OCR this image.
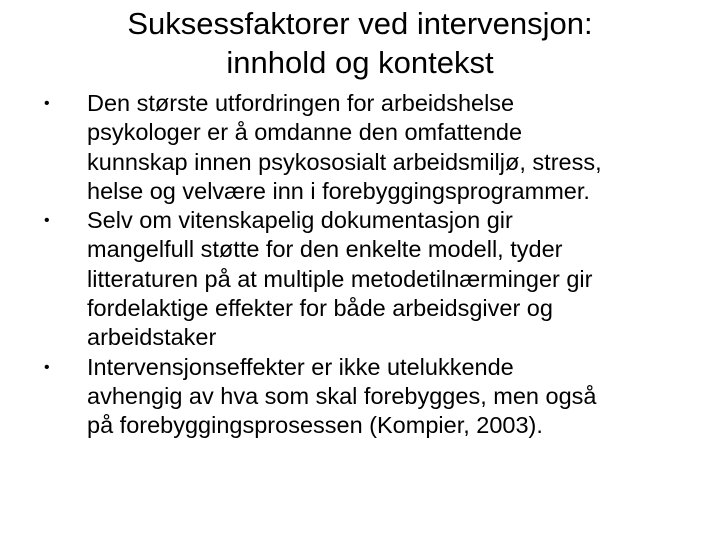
Suksessfaktorer ved intervensjon:
innhold og kontekst
• Den største utfordringen for arbeidshelse
psykologer er å omdanne den omfattende
kunnskap innen psykososialt arbeidsmiljø, stress,
helse og velvære inn i forebyggingsprogrammer.
• Selv om vitenskapelig dokumentasjon gir
mangelfull støtte for den enkelte modell, tyder
litteraturen på at multiple metodetilnærminger gir
fordelaktige effekter for både arbeidsgiver og
arbeidstaker
• Intervensjonseffekter er ikke utelukkende
avhengig av hva som skal forebygges, men også
på forebyggingsprosessen (Kompier, 2003).
